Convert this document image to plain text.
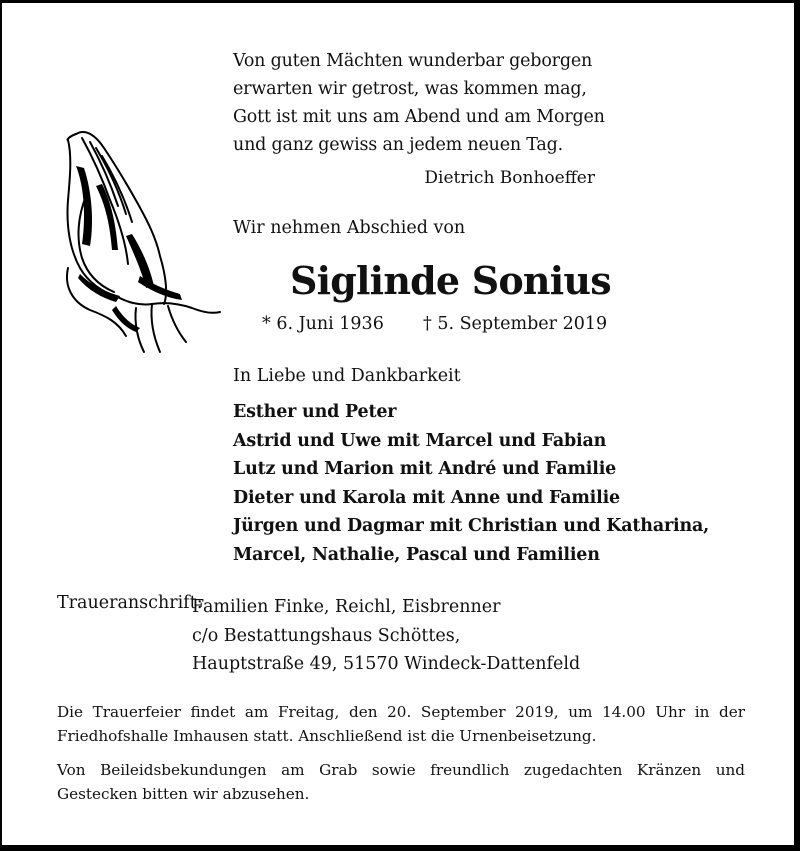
Von guten Mächten wunderbar geborgen
erwarten wir getrost, was kommen mag,
Gott ist mit uns am Abend und am Morgen
und ganz gewiss an jedem neuen Tag.
Dietrich Bonhoeffer
Wir nehmen Abschied von
Siglinde Sonius
* 6. Juni 1936 † 5. September 2019
In Liebe und Dankbarkeit
Esther und Peter
Astrid und Uwe mit Marcel und Fabian
Lutz und Marion mit André und Familie
Dieter und Karola mit Anne und Familie
Jürgen und Dagmar mit Christian und Katharina,
Marcel, Nathalie, Pascal und Familien
Traueranschrift:
Familien Finke, Reichl, Eisbrenner
c/o Bestattungshaus Schöttes,
Hauptstraße 49, 51570 Windeck-Dattenfeld
Die Trauerfeier findet am Freitag, den 20. September 2019, um 14.00 Uhr in der Friedhofshalle Imhausen statt. Anschließend ist die Urnenbeisetzung.
Von Beileidsbekundungen am Grab sowie freundlich zugedachten Kränzen und Gestecken bitten wir abzusehen.
